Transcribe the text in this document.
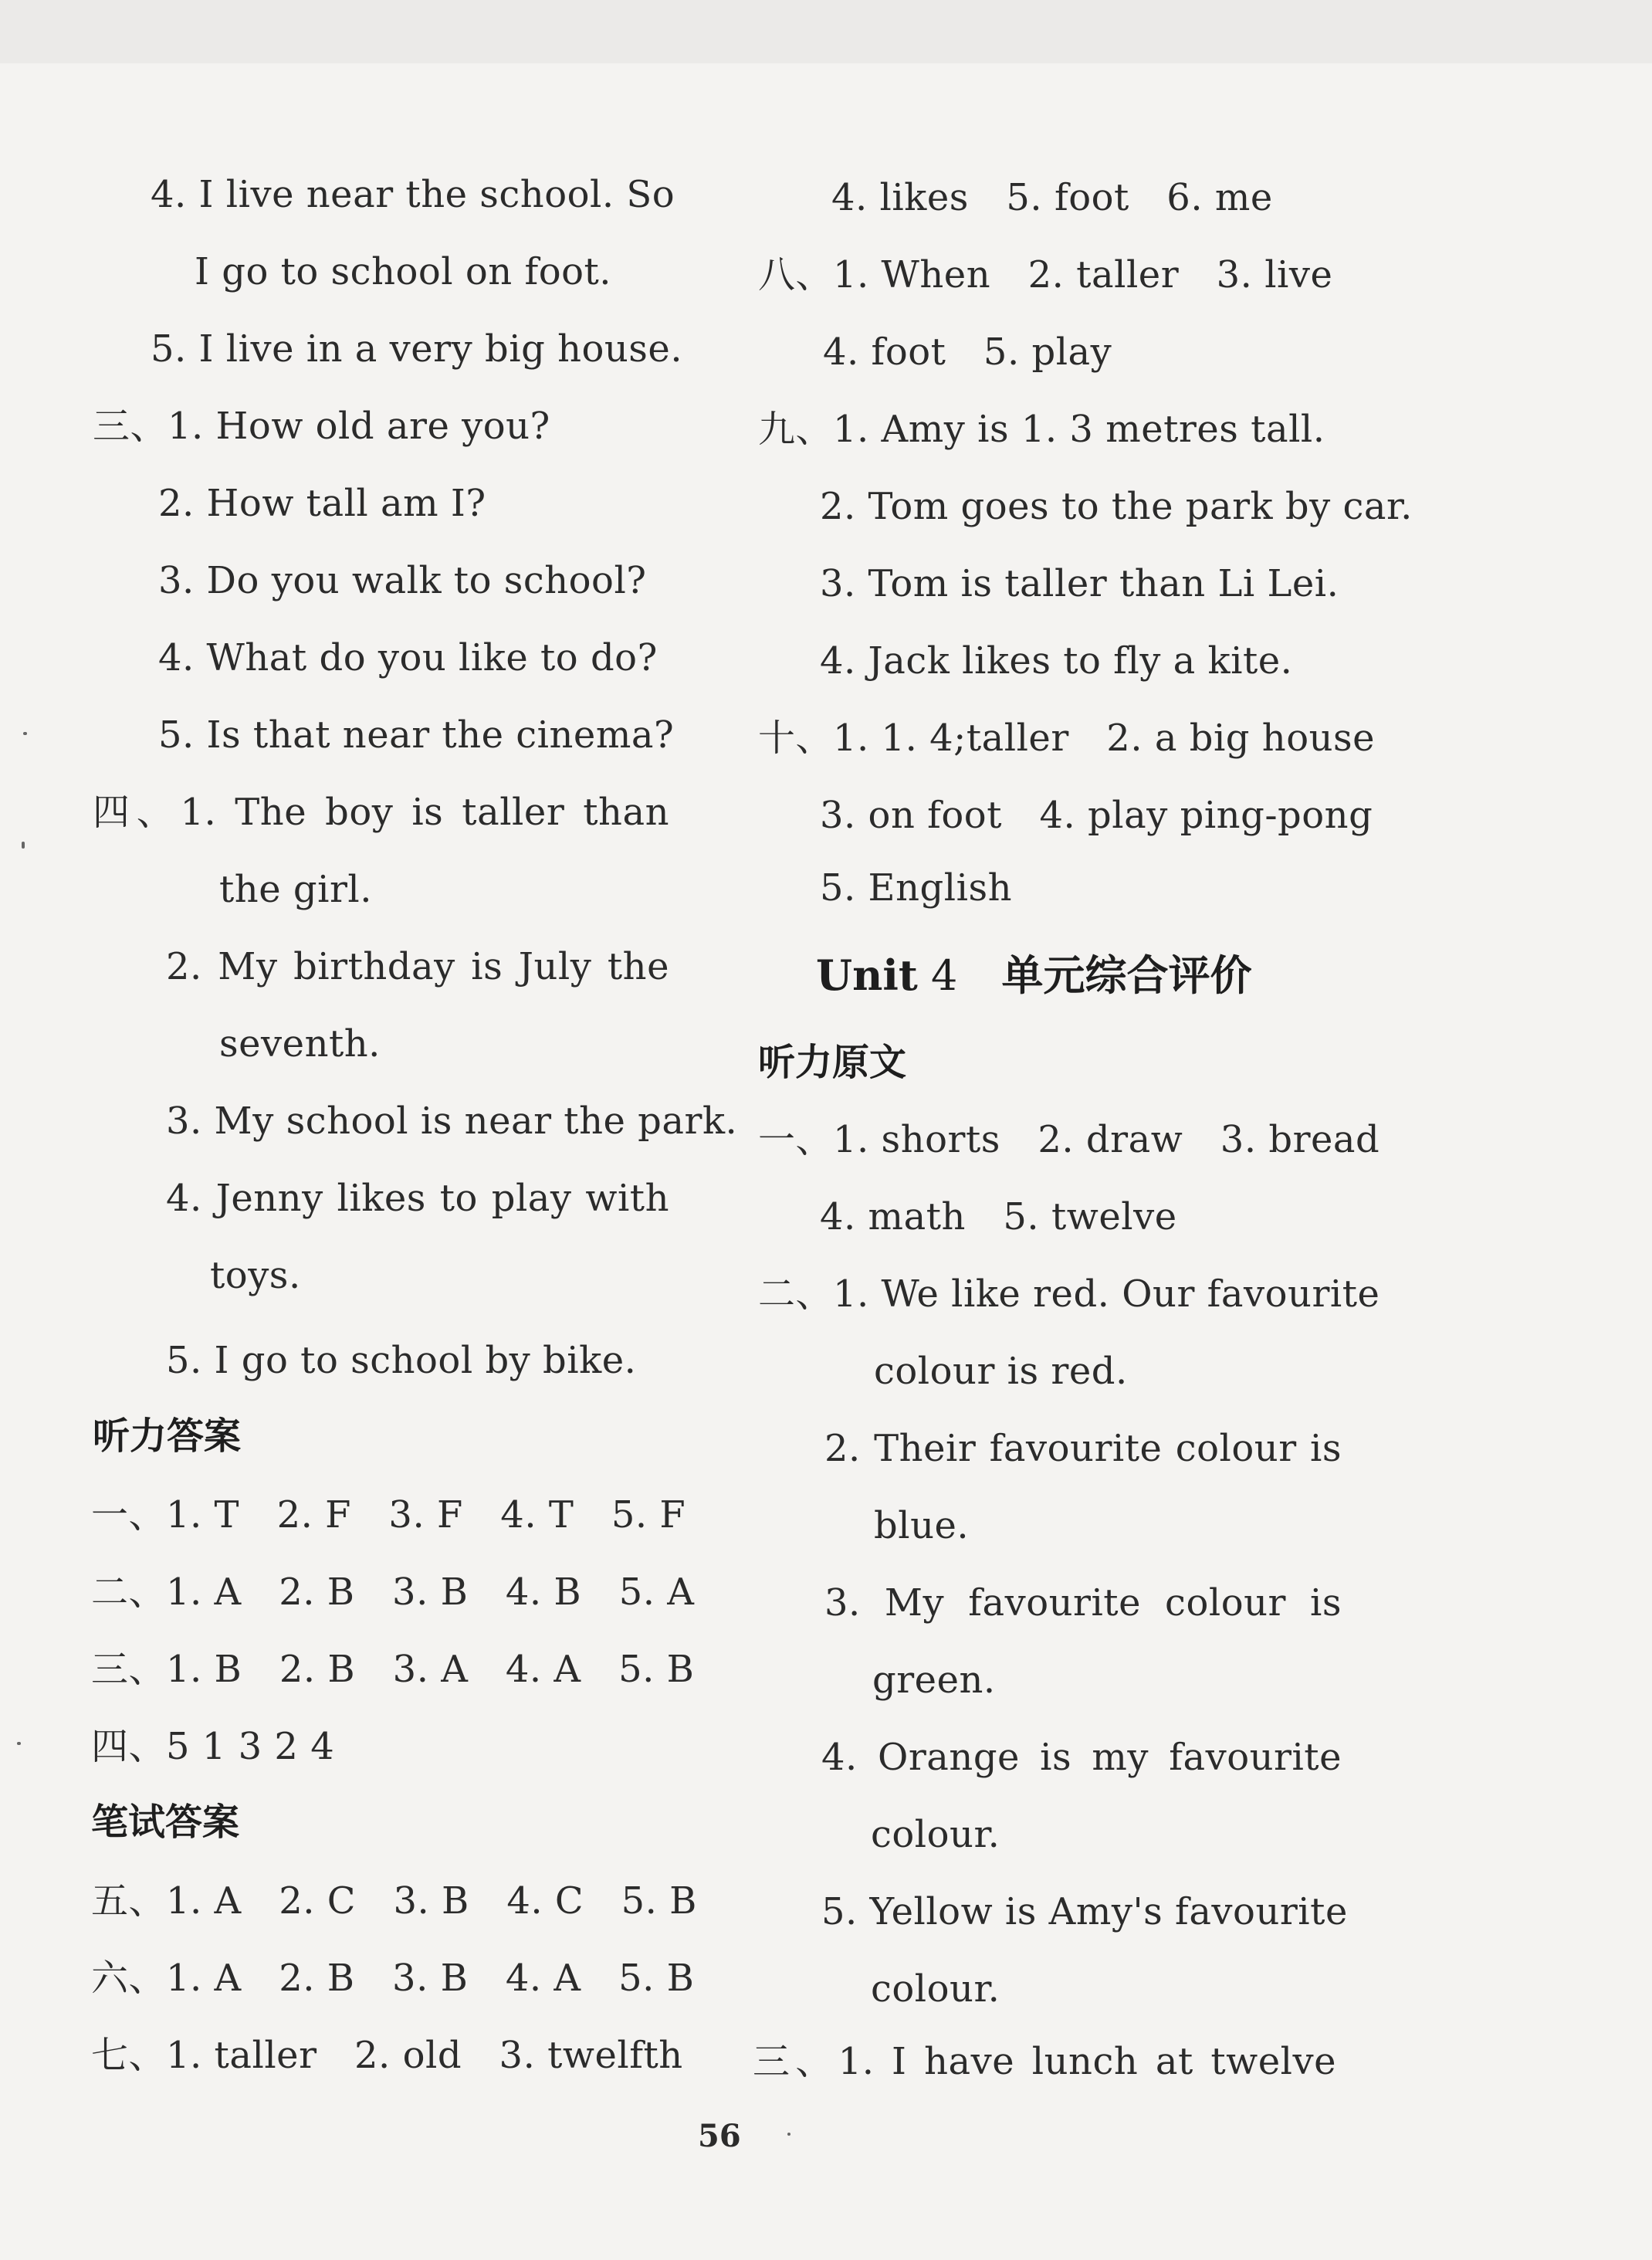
4. I live near the school. So
I go to school on foot.
5. I live in a very big house.
三、1. How old are you?
2. How tall am I?
3. Do you walk to school?
4. What do you like to do?
5. Is that near the cinema?
四、1. The boy is taller than
the girl.
2. My birthday is July the
seventh.
3. My school is near the park.
4. Jenny likes to play with
toys.
5. I go to school by bike.
听力答案
一、1. T　2. F　3. F　4. T　5. F
二、1. A　2. B　3. B　4. B　5. A
三、1. B　2. B　3. A　4. A　5. B
四、5 1 3 2 4
笔试答案
五、1. A　2. C　3. B　4. C　5. B
六、1. A　2. B　3. B　4. A　5. B
七、1. taller　2. old　3. twelfth
4. likes　5. foot　6. me
八、1. When　2. taller　3. live
4. foot　5. play
九、1. Amy is 1. 3 metres tall.
2. Tom goes to the park by car.
3. Tom is taller than Li Lei.
4. Jack likes to fly a kite.
十、1. 1. 4;taller　2. a big house
3. on foot　4. play ping-pong
5. English
Unit 4 单元综合评价
听力原文
一、1. shorts　2. draw　3. bread
4. math　5. twelve
二、1. We like red. Our favourite
colour is red.
2. Their favourite colour is
blue.
3. My favourite colour is
green.
4. Orange is my favourite
colour.
5. Yellow is Amy's favourite
colour.
三、1. I have lunch at twelve
56
